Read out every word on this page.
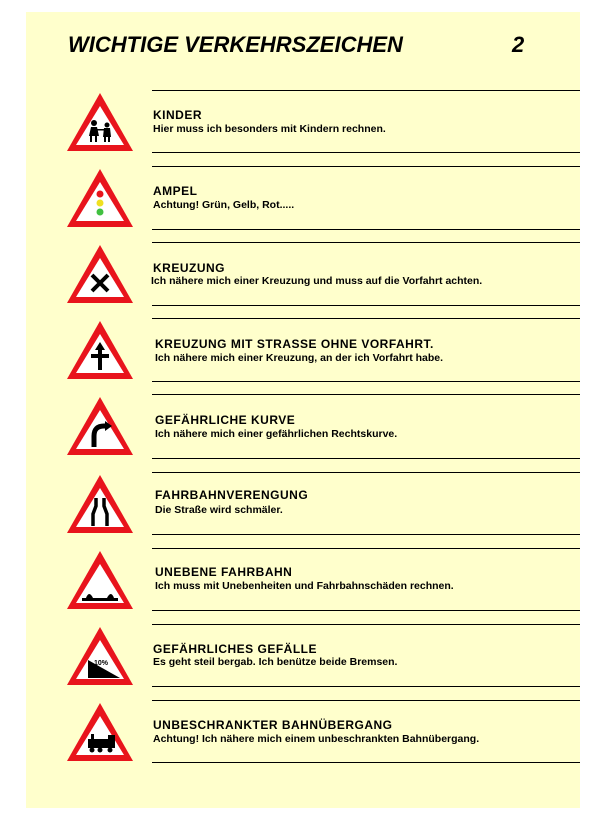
WICHTIGE VERKEHRSZEICHEN	2
KINDER
Hier muss ich besonders mit Kindern rechnen.
AMPEL
Achtung! Grün, Gelb, Rot.....
KREUZUNG
Ich nähere mich einer Kreuzung und muss auf die Vorfahrt achten.
KREUZUNG MIT STRASSE OHNE VORFAHRT.
Ich nähere mich einer Kreuzung, an der ich Vorfahrt habe.
GEFÄHRLICHE KURVE
Ich nähere mich einer gefährlichen Rechtskurve.
FAHRBAHNVERENGUNG
Die Straße wird schmäler.
UNEBENE FAHRBAHN
Ich muss mit Unebenheiten und Fahrbahnschäden rechnen.
10%
GEFÄHRLICHES GEFÄLLE
Es geht steil bergab. Ich benütze beide Bremsen.
UNBESCHRANKTER BAHNÜBERGANG
Achtung! Ich nähere mich einem unbeschrankten Bahnübergang.
